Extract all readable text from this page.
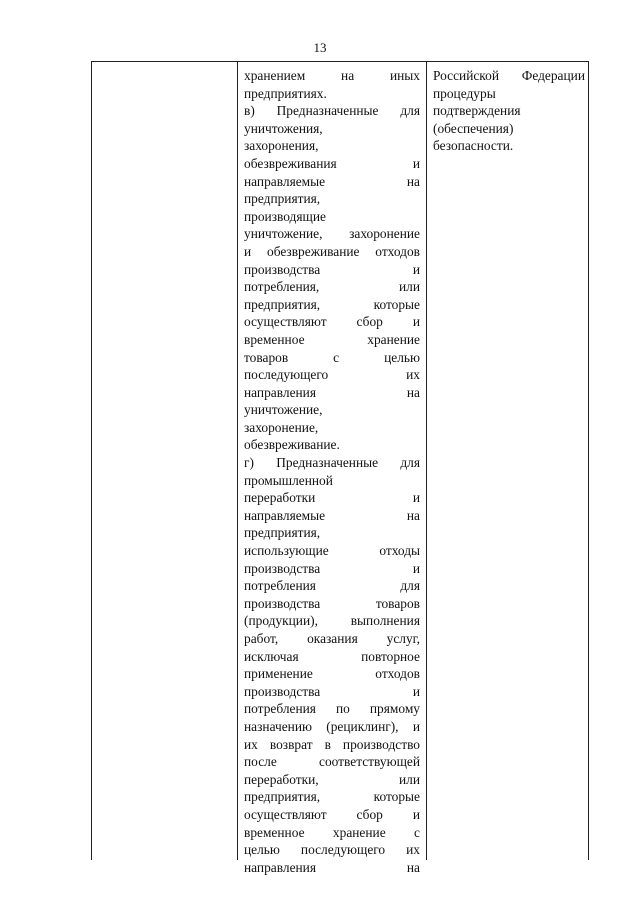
13
хранением на иных
предприятиях.
в) Предназначенные для
уничтожения,
захоронения,
обезвреживания и
направляемые на
предприятия,
производящие
уничтожение, захоронение
и обезвреживание отходов
производства и
потребления, или
предприятия, которые
осуществляют сбор и
временное хранение
товаров с целью
последующего их
направления на
уничтожение,
захоронение,
обезвреживание.
г) Предназначенные для
промышленной
переработки и
направляемые на
предприятия,
использующие отходы
производства и
потребления для
производства товаров
(продукции), выполнения
работ, оказания услуг,
исключая повторное
применение отходов
производства и
потребления по прямому
назначению (рециклинг), и
их возврат в производство
после соответствующей
переработки, или
предприятия, которые
осуществляют сбор и
временное хранение с
целью последующего их
направления на
Российской Федерации
процедуры
подтверждения
(обеспечения)
безопасности.
